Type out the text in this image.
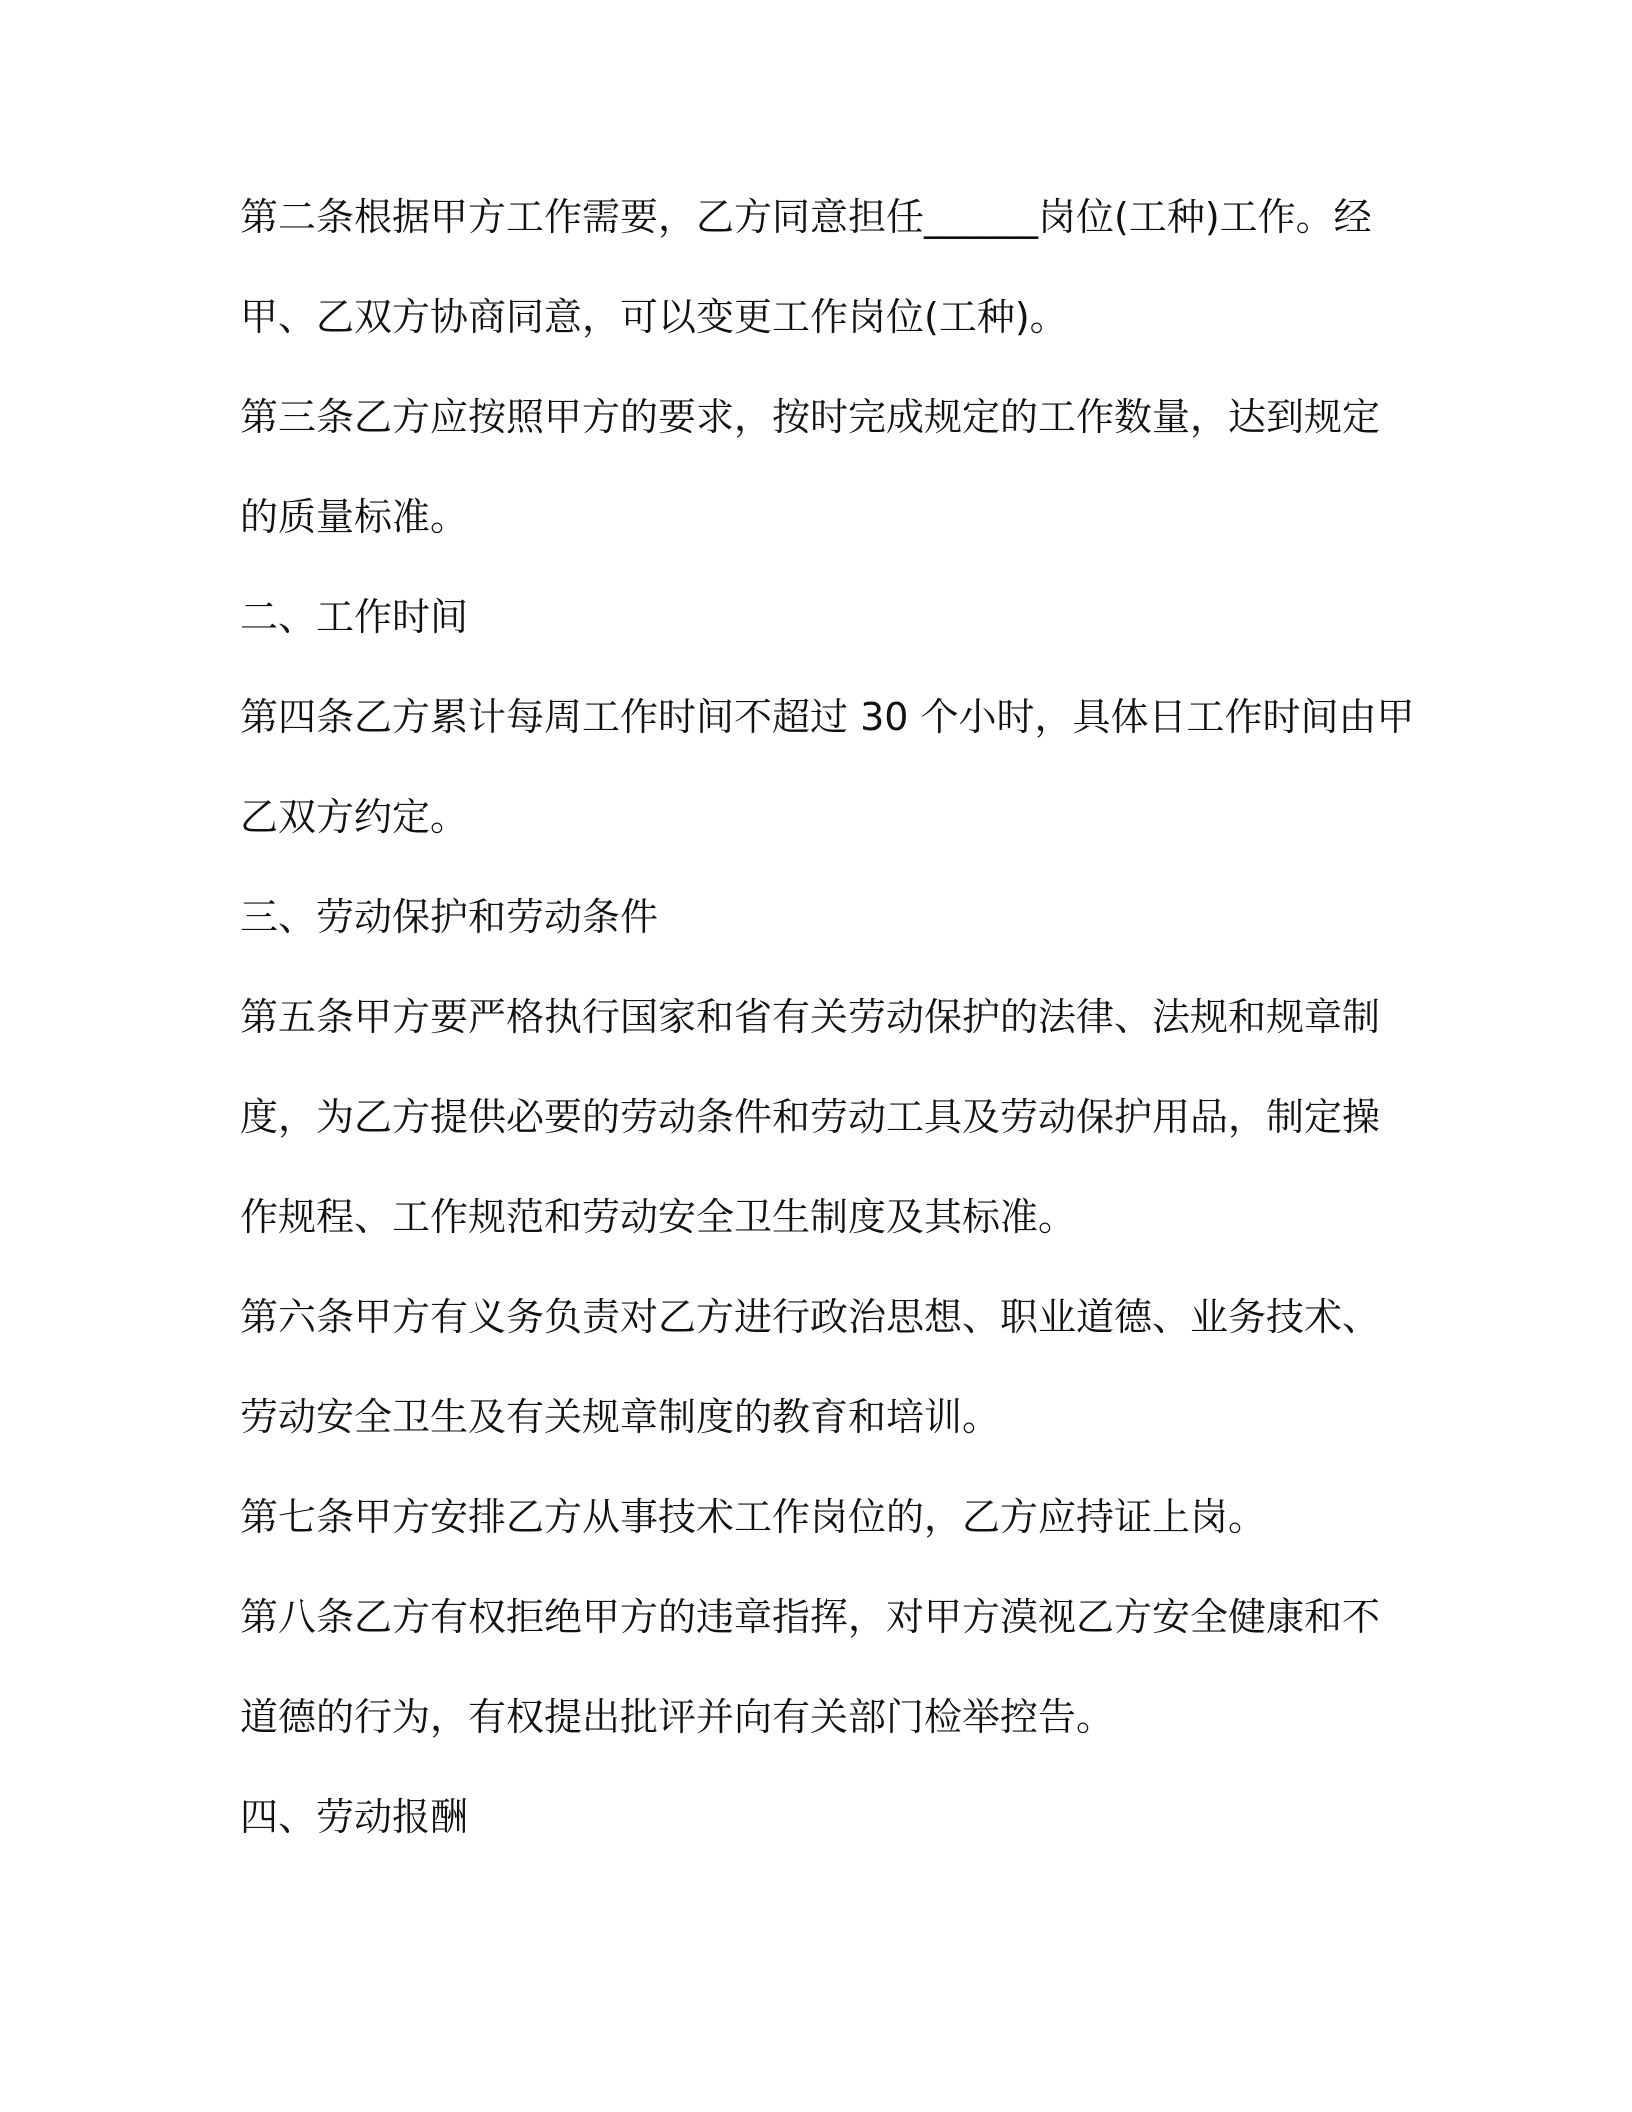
第二条根据甲方工作需要，乙方同意担任______岗位(工种)工作。经
甲、乙双方协商同意，可以变更工作岗位(工种)。
第三条乙方应按照甲方的要求，按时完成规定的工作数量，达到规定
的质量标准。
二、工作时间
第四条乙方累计每周工作时间不超过 30 个小时，具体日工作时间由甲
乙双方约定。
三、劳动保护和劳动条件
第五条甲方要严格执行国家和省有关劳动保护的法律、法规和规章制
度，为乙方提供必要的劳动条件和劳动工具及劳动保护用品，制定操
作规程、工作规范和劳动安全卫生制度及其标准。
第六条甲方有义务负责对乙方进行政治思想、职业道德、业务技术、
劳动安全卫生及有关规章制度的教育和培训。
第七条甲方安排乙方从事技术工作岗位的，乙方应持证上岗。
第八条乙方有权拒绝甲方的违章指挥，对甲方漠视乙方安全健康和不
道德的行为，有权提出批评并向有关部门检举控告。
四、劳动报酬
